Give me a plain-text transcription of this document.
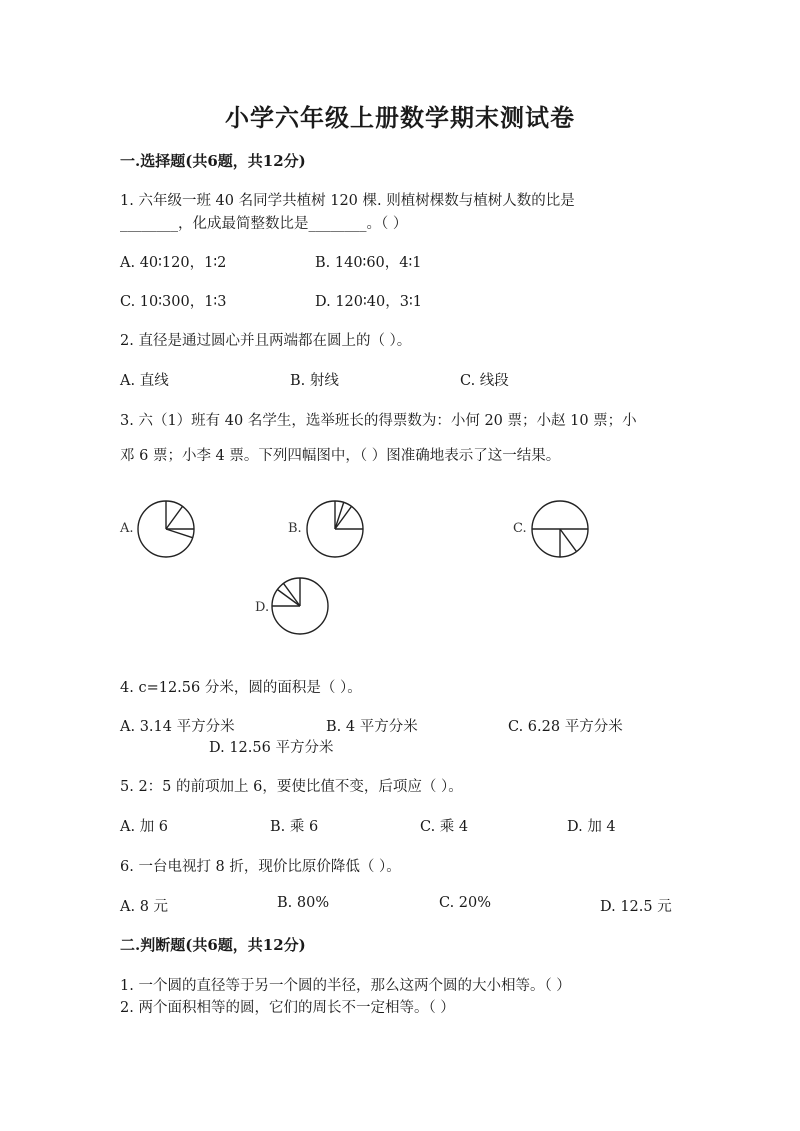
小学六年级上册数学期末测试卷
一.选择题(共6题，共12分)
1. 六年级一班 40 名同学共植树 120 棵. 则植树棵数与植树人数的比是
________，化成最简整数比是________。（ ）
A. 40∶120，1∶2	B. 140∶60，4∶1
C. 10∶300，1∶3	D. 120∶40，3∶1
2. 直径是通过圆心并且两端都在圆上的（ ）。
A. 直线	B. 射线	C. 线段
3. 六（1）班有 40 名学生，选举班长的得票数为：小何 20 票；小赵 10 票；小
邓 6 票；小李 4 票。下列四幅图中，（ ）图准确地表示了这一结果。
A.	B.	C.
D.
4. c=12.56 分米，圆的面积是（ ）。
A. 3.14 平方分米	B. 4 平方分米	C. 6.28 平方分米
D. 12.56 平方分米
5. 2：5 的前项加上 6，要使比值不变，后项应（ ）。
A. 加 6	B. 乘 6	C. 乘 4	D. 加 4
6. 一台电视打 8 折，现价比原价降低（ ）。
A. 8 元	B. 80%	C. 20%	D. 12.5 元
二.判断题(共6题，共12分)
1. 一个圆的直径等于另一个圆的半径，那么这两个圆的大小相等。（ ）
2. 两个面积相等的圆，它们的周长不一定相等。（ ）
